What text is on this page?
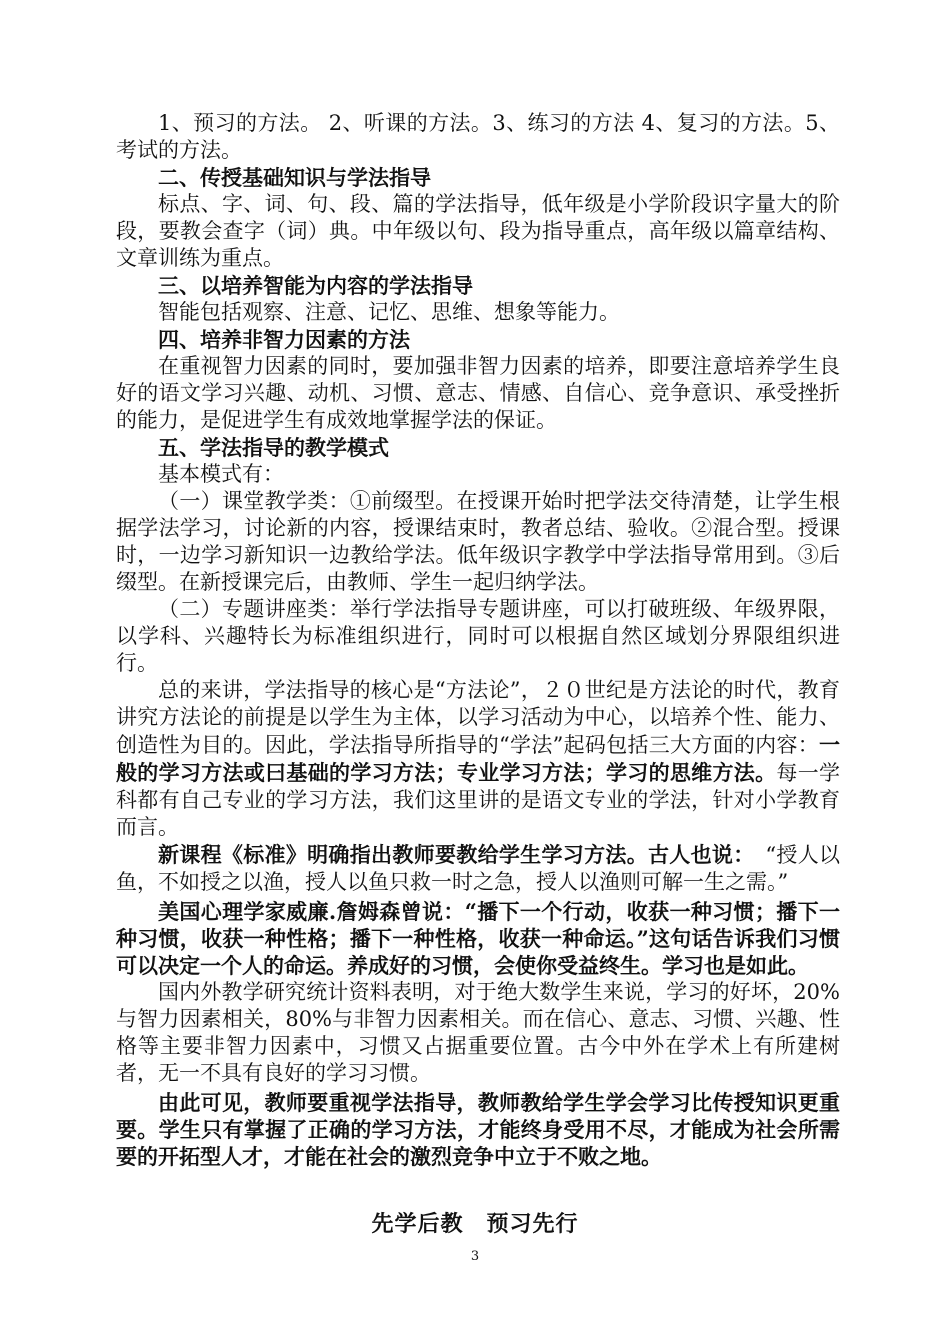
1、预习的方法。 2、听课的方法。3、练习的方法 4、复习的方法。5、考试的方法。

二、传授基础知识与学法指导

标点、字、词、句、段、篇的学法指导，低年级是小学阶段识字量大的阶段，要教会查字（词）典。中年级以句、段为指导重点，高年级以篇章结构、文章训练为重点。

三、以培养智能为内容的学法指导

智能包括观察、注意、记忆、思维、想象等能力。

四、培养非智力因素的方法

在重视智力因素的同时，要加强非智力因素的培养，即要注意培养学生良好的语文学习兴趣、动机、习惯、意志、情感、自信心、竞争意识、承受挫折的能力，是促进学生有成效地掌握学法的保证。

五、学法指导的教学模式

基本模式有：

（一）课堂教学类：①前缀型。在授课开始时把学法交待清楚，让学生根据学法学习，讨论新的内容，授课结束时，教者总结、验收。②混合型。授课时，一边学习新知识一边教给学法。低年级识字教学中学法指导常用到。③后缀型。在新授课完后，由教师、学生一起归纳学法。

（二）专题讲座类：举行学法指导专题讲座，可以打破班级、年级界限，以学科、兴趣特长为标准组织进行，同时可以根据自然区域划分界限组织进行。

总的来讲，学法指导的核心是“方法论”，２０世纪是方法论的时代，教育讲究方法论的前提是以学生为主体，以学习活动为中心，以培养个性、能力、创造性为目的。因此，学法指导所指导的“学法”起码包括三大方面的内容：一般的学习方法或曰基础的学习方法；专业学习方法；学习的思维方法。每一学科都有自己专业的学习方法，我们这里讲的是语文专业的学法，针对小学教育而言。

新课程《标准》明确指出教师要教给学生学习方法。古人也说：　“授人以鱼，不如授之以渔，授人以鱼只救一时之急，授人以渔则可解一生之需。”

美国心理学家威廉.詹姆森曾说：“播下一个行动，收获一种习惯；播下一种习惯，收获一种性格；播下一种性格，收获一种命运。”这句话告诉我们习惯可以决定一个人的命运。养成好的习惯，会使你受益终生。学习也是如此。

国内外教学研究统计资料表明，对于绝大数学生来说，学习的好坏，20%与智力因素相关，80%与非智力因素相关。而在信心、意志、习惯、兴趣、性格等主要非智力因素中，习惯又占据重要位置。古今中外在学术上有所建树者，无一不具有良好的学习习惯。

由此可见，教师要重视学法指导，教师教给学生学会学习比传授知识更重要。学生只有掌握了正确的学习方法，才能终身受用不尽，才能成为社会所需要的开拓型人才，才能在社会的激烈竞争中立于不败之地。

先学后教　预习先行
3
